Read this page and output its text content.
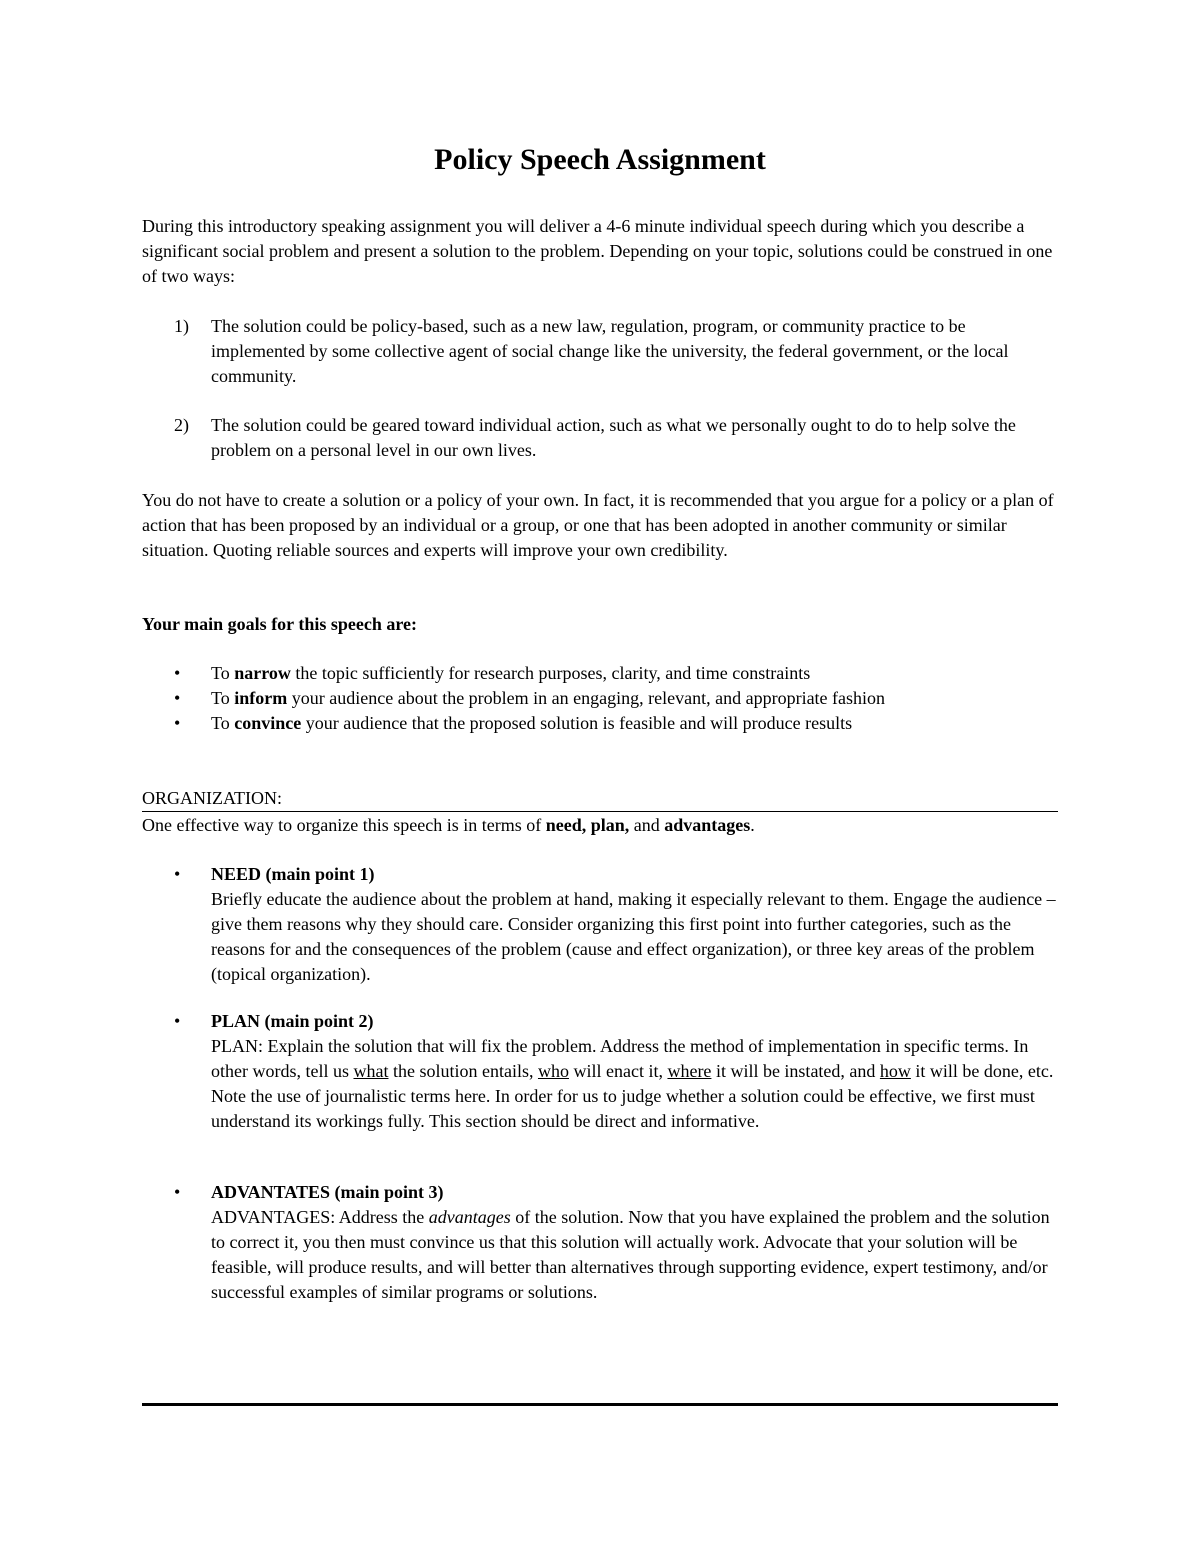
Policy Speech Assignment

During this introductory speaking assignment you will deliver a 4-6 minute individual speech during which you describe a significant social problem and present a solution to the problem. Depending on your topic, solutions could be construed in one of two ways:

1) The solution could be policy-based, such as a new law, regulation, program, or community practice to be implemented by some collective agent of social change like the university, the federal government, or the local community.
2) The solution could be geared toward individual action, such as what we personally ought to do to help solve the problem on a personal level in our own lives.

You do not have to create a solution or a policy of your own. In fact, it is recommended that you argue for a policy or a plan of action that has been proposed by an individual or a group, or one that has been adopted in another community or similar situation. Quoting reliable sources and experts will improve your own credibility.

Your main goals for this speech are:

• To narrow the topic sufficiently for research purposes, clarity, and time constraints
• To inform your audience about the problem in an engaging, relevant, and appropriate fashion
• To convince your audience that the proposed solution is feasible and will produce results

ORGANIZATION:

One effective way to organize this speech is in terms of need, plan, and advantages.

•	NEED (main point 1)
Briefly educate the audience about the problem at hand, making it especially relevant to them. Engage the audience – give them reasons why they should care. Consider organizing this first point into further categories, such as the reasons for and the consequences of the problem (cause and effect organization), or three key areas of the problem (topical organization).
•	PLAN (main point 2)
PLAN: Explain the solution that will fix the problem. Address the method of implementation in specific terms. In other words, tell us what the solution entails, who will enact it, where it will be instated, and how it will be done, etc. Note the use of journalistic terms here. In order for us to judge whether a solution could be effective, we first must understand its workings fully. This section should be direct and informative.
•	ADVANTATES (main point 3)
ADVANTAGES: Address the advantages of the solution. Now that you have explained the problem and the solution to correct it, you then must convince us that this solution will actually work. Advocate that your solution will be feasible, will produce results, and will better than alternatives through supporting evidence, expert testimony, and/or successful examples of similar programs or solutions.
